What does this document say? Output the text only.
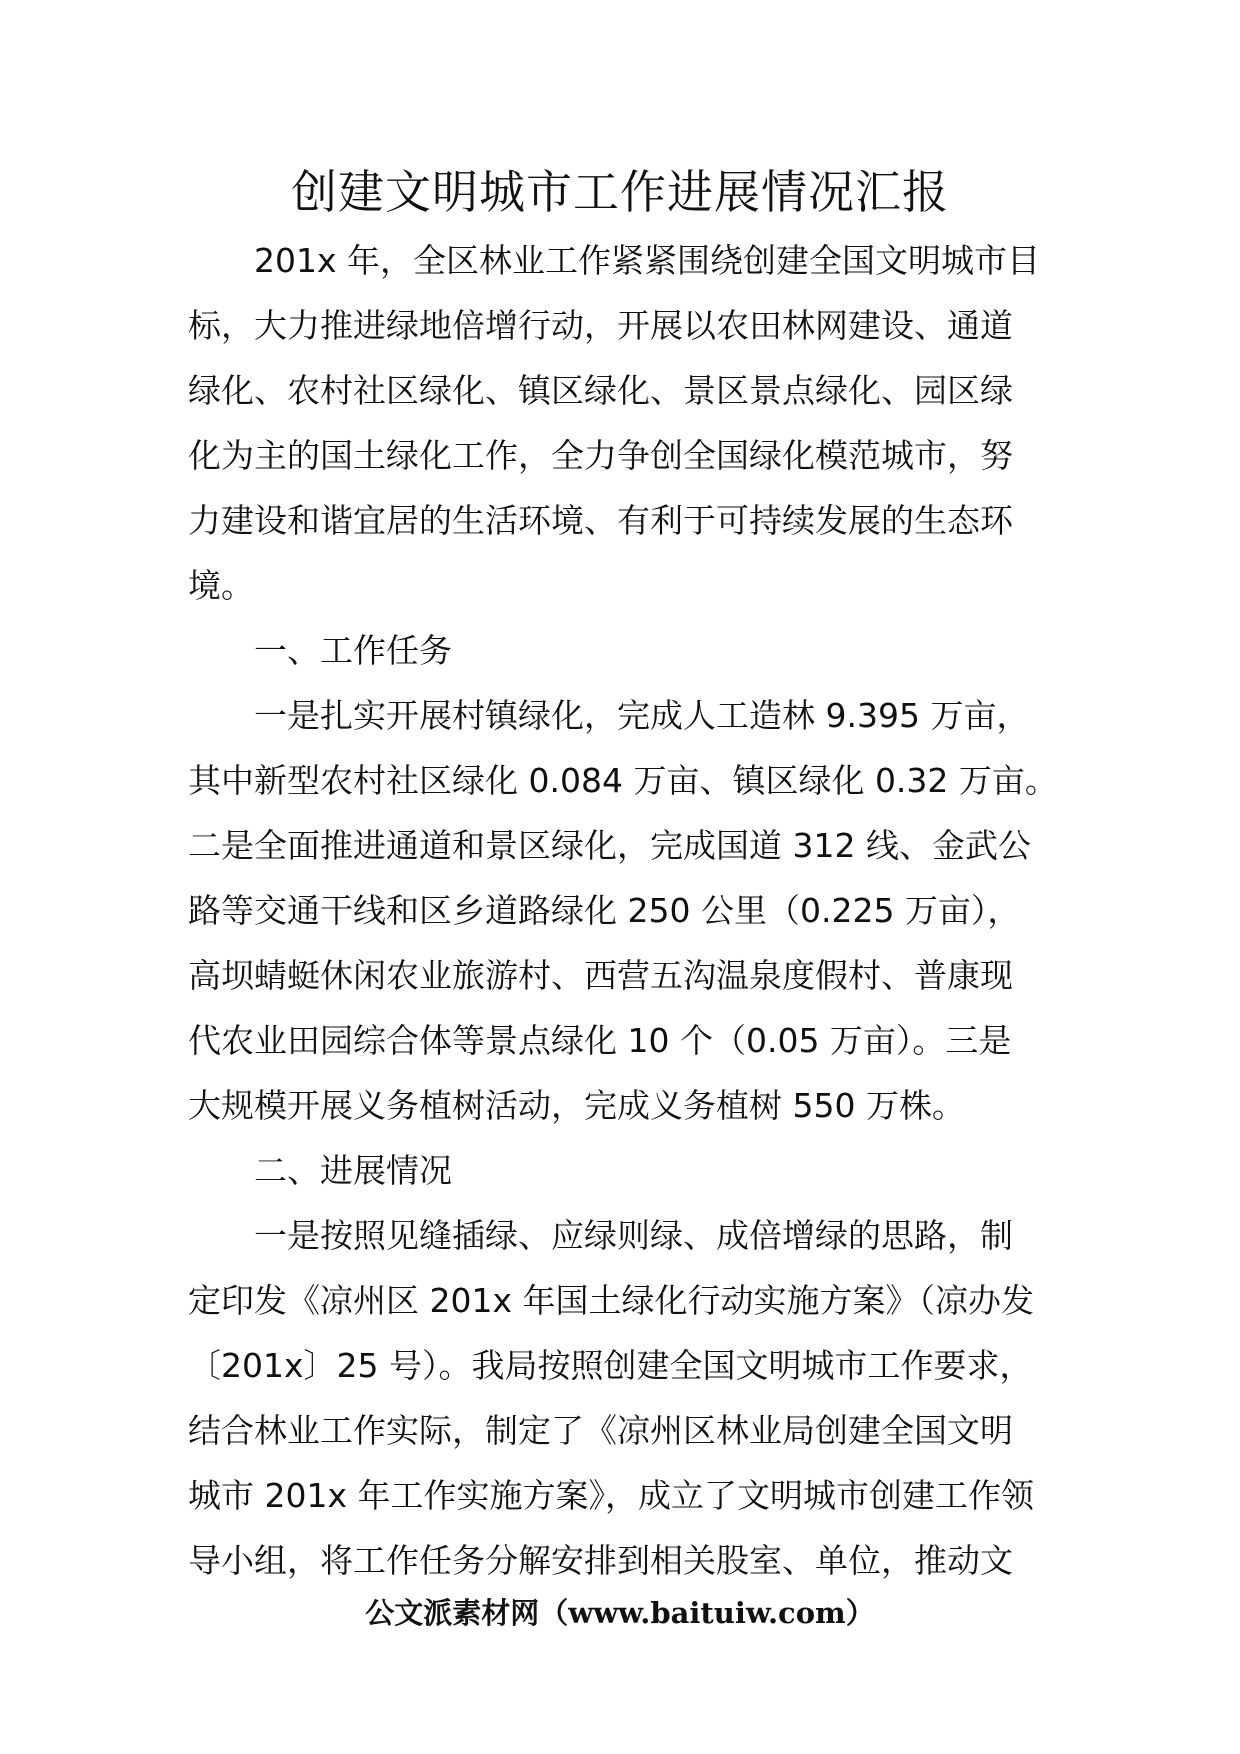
创建文明城市工作进展情况汇报
201x 年，全区林业工作紧紧围绕创建全国文明城市目
标，大力推进绿地倍增行动，开展以农田林网建设、通道
绿化、农村社区绿化、镇区绿化、景区景点绿化、园区绿
化为主的国土绿化工作，全力争创全国绿化模范城市，努
力建设和谐宜居的生活环境、有利于可持续发展的生态环
境。
一、工作任务
一是扎实开展村镇绿化，完成人工造林 9.395 万亩，
其中新型农村社区绿化 0.084 万亩、镇区绿化 0.32 万亩。
二是全面推进通道和景区绿化，完成国道 312 线、金武公
路等交通干线和区乡道路绿化 250 公里（0.225 万亩），
高坝蜻蜓休闲农业旅游村、西营五沟温泉度假村、普康现
代农业田园综合体等景点绿化 10 个（0.05 万亩）。三是
大规模开展义务植树活动，完成义务植树 550 万株。
二、进展情况
一是按照见缝插绿、应绿则绿、成倍增绿的思路，制
定印发《凉州区 201x 年国土绿化行动实施方案》（凉办发
〔201x〕25 号）。我局按照创建全国文明城市工作要求，
结合林业工作实际，制定了《凉州区林业局创建全国文明
城市 201x 年工作实施方案》，成立了文明城市创建工作领
导小组，将工作任务分解安排到相关股室、单位，推动文
公文派素材网（www.baituiw.com）
